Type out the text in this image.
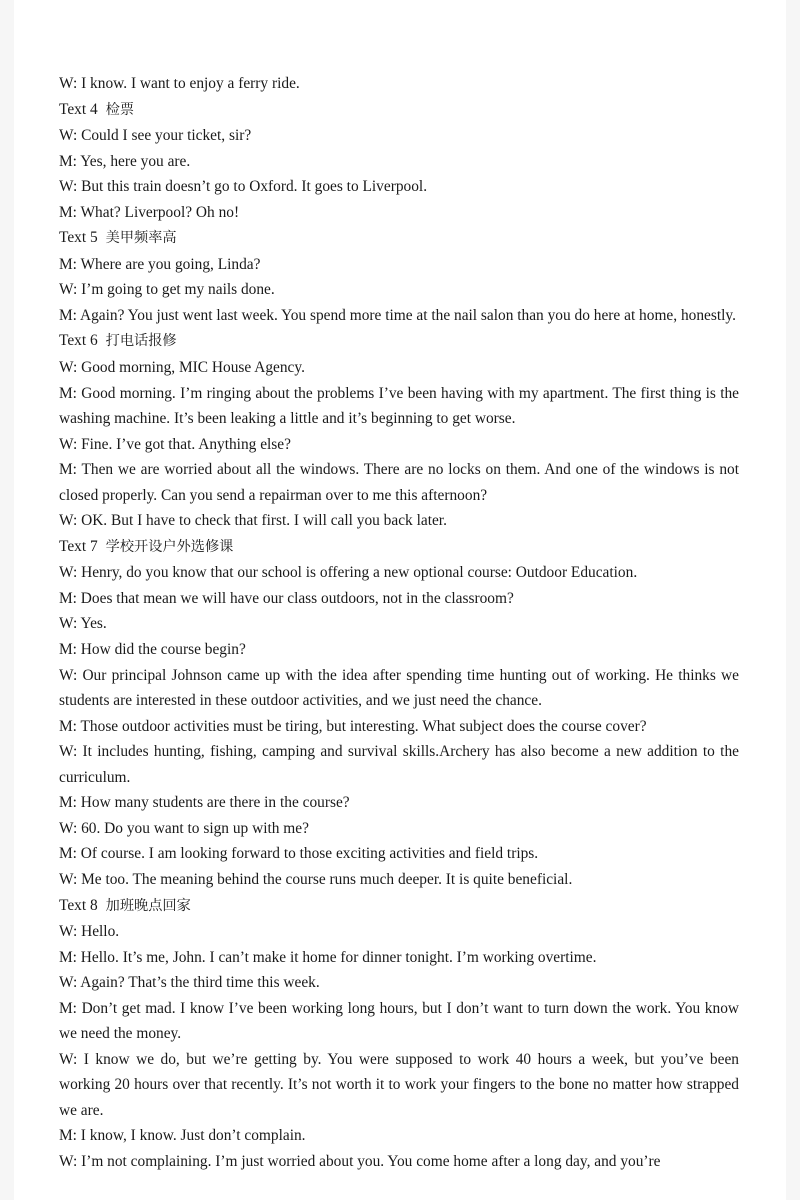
W: I know. I want to enjoy a ferry ride.
Text 4 检票
W: Could I see your ticket, sir?
M: Yes, here you are.
W: But this train doesn’t go to Oxford. It goes to Liverpool.
M: What? Liverpool? Oh no!
Text 5 美甲频率高
M: Where are you going, Linda?
W: I’m going to get my nails done.
M: Again? You just went last week. You spend more time at the nail salon than you do here at home, honestly.
Text 6 打电话报修
W: Good morning, MIC House Agency.
M: Good morning. I’m ringing about the problems I’ve been having with my apartment. The first thing is the washing machine. It’s been leaking a little and it’s beginning to get worse.
W: Fine. I’ve got that. Anything else?
M: Then we are worried about all the windows. There are no locks on them. And one of the windows is not closed properly. Can you send a repairman over to me this afternoon?
W: OK. But I have to check that first. I will call you back later.
Text 7 学校开设户外选修课
W: Henry, do you know that our school is offering a new optional course: Outdoor Education.
M: Does that mean we will have our class outdoors, not in the classroom?
W: Yes.
M: How did the course begin?
W: Our principal Johnson came up with the idea after spending time hunting out of working. He thinks we students are interested in these outdoor activities, and we just need the chance.
M: Those outdoor activities must be tiring, but interesting. What subject does the course cover?
W: It includes hunting, fishing, camping and survival skills.Archery has also become a new addition to the curriculum.
M: How many students are there in the course?
W: 60. Do you want to sign up with me?
M: Of course. I am looking forward to those exciting activities and field trips.
W: Me too. The meaning behind the course runs much deeper. It is quite beneficial.
Text 8 加班晚点回家
W: Hello.
M: Hello. It’s me, John. I can’t make it home for dinner tonight. I’m working overtime.
W: Again? That’s the third time this week.
M: Don’t get mad. I know I’ve been working long hours, but I don’t want to turn down the work. You know we need the money.
W: I know we do, but we’re getting by. You were supposed to work 40 hours a week, but you’ve been working 20 hours over that recently. It’s not worth it to work your fingers to the bone no matter how strapped we are.
M: I know, I know. Just don’t complain.
W: I’m not complaining. I’m just worried about you. You come home after a long day, and you’re
